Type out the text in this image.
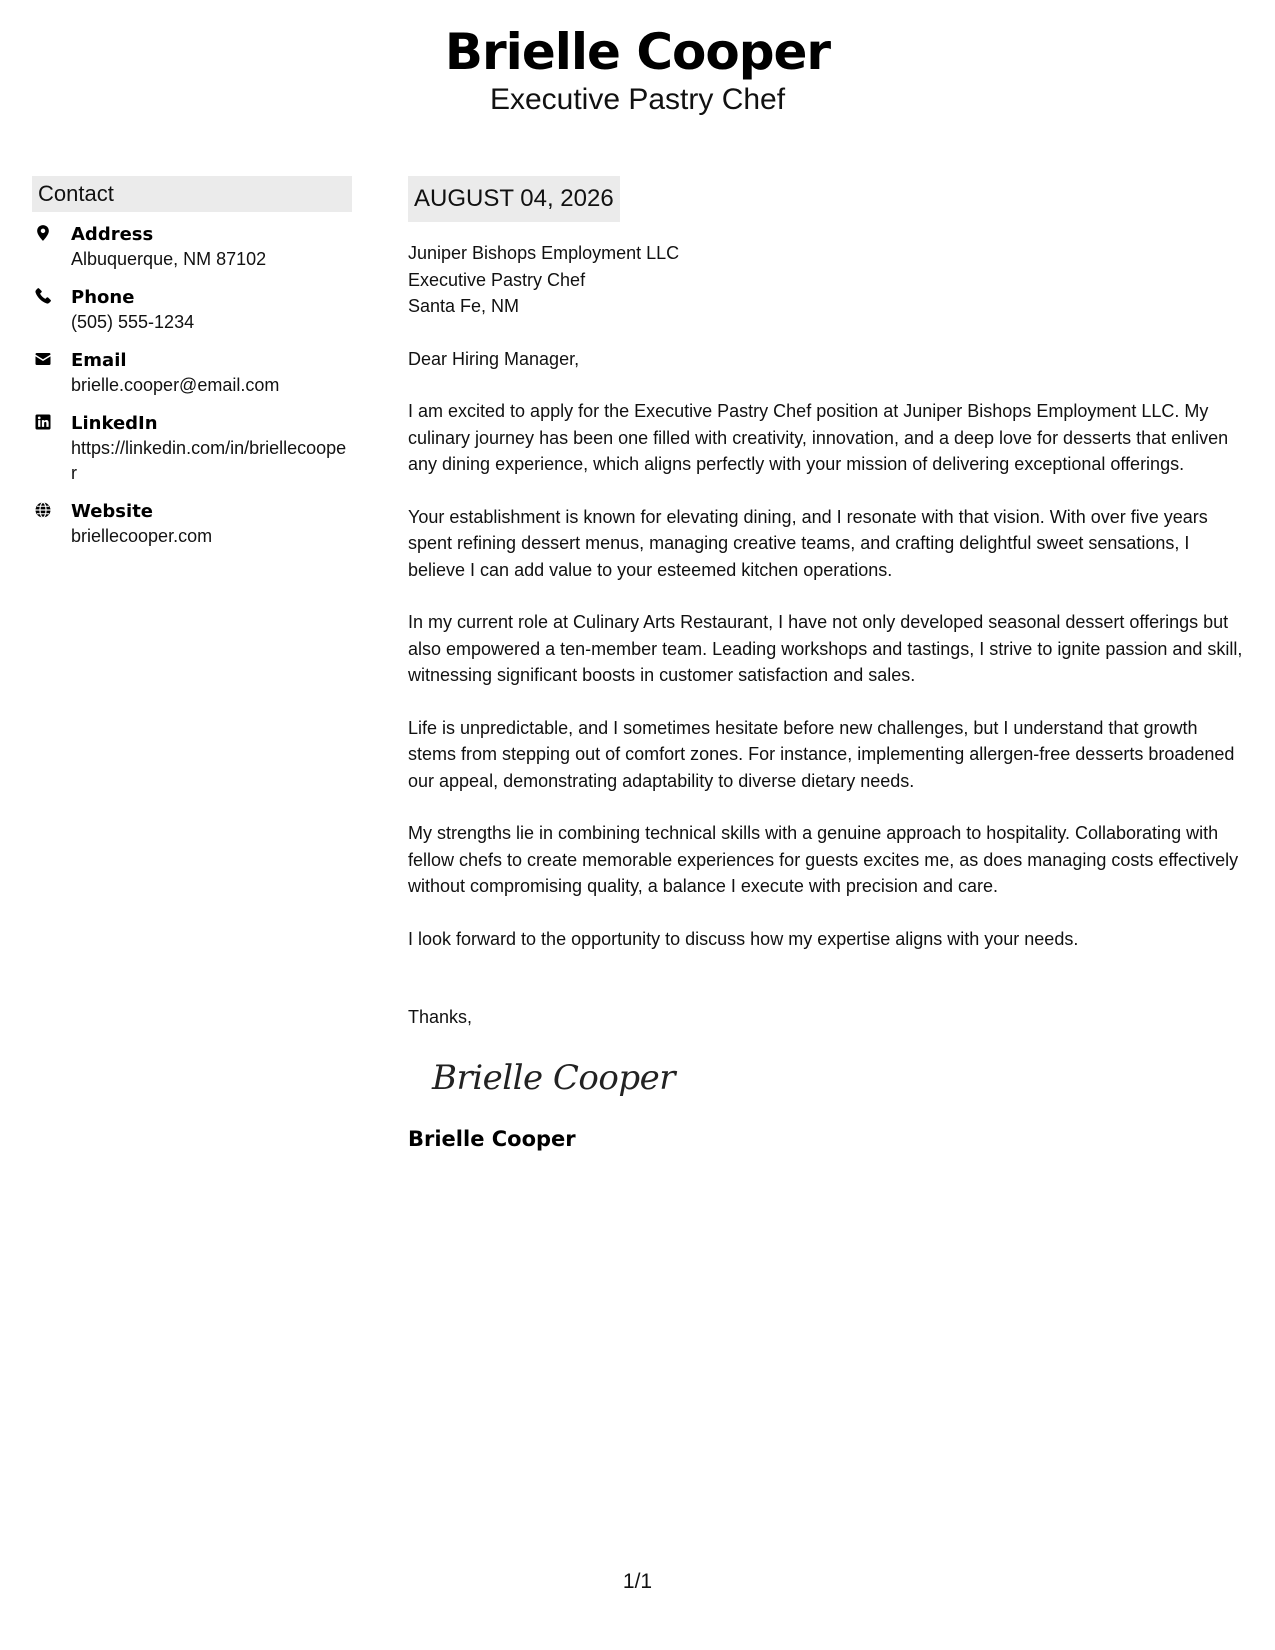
Brielle Cooper
Executive Pastry Chef
Contact
Address
Albuquerque, NM 87102
Phone
(505) 555-1234
Email
brielle.cooper@email.com
LinkedIn
https://linkedin.com/in/briellecooper
Website
briellecooper.com
AUGUST 04, 2026
Juniper Bishops Employment LLC
Executive Pastry Chef
Santa Fe, NM
Dear Hiring Manager,
I am excited to apply for the Executive Pastry Chef position at Juniper Bishops Employment LLC. My culinary journey has been one filled with creativity, innovation, and a deep love for desserts that enliven any dining experience, which aligns perfectly with your mission of delivering exceptional offerings.
Your establishment is known for elevating dining, and I resonate with that vision. With over five years spent refining dessert menus, managing creative teams, and crafting delightful sweet sensations, I believe I can add value to your esteemed kitchen operations.
In my current role at Culinary Arts Restaurant, I have not only developed seasonal dessert offerings but also empowered a ten-member team. Leading workshops and tastings, I strive to ignite passion and skill, witnessing significant boosts in customer satisfaction and sales.
Life is unpredictable, and I sometimes hesitate before new challenges, but I understand that growth stems from stepping out of comfort zones. For instance, implementing allergen-free desserts broadened our appeal, demonstrating adaptability to diverse dietary needs.
My strengths lie in combining technical skills with a genuine approach to hospitality. Collaborating with fellow chefs to create memorable experiences for guests excites me, as does managing costs effectively without compromising quality, a balance I execute with precision and care.
I look forward to the opportunity to discuss how my expertise aligns with your needs.
Thanks,
Brielle Cooper
Brielle Cooper
1/1
